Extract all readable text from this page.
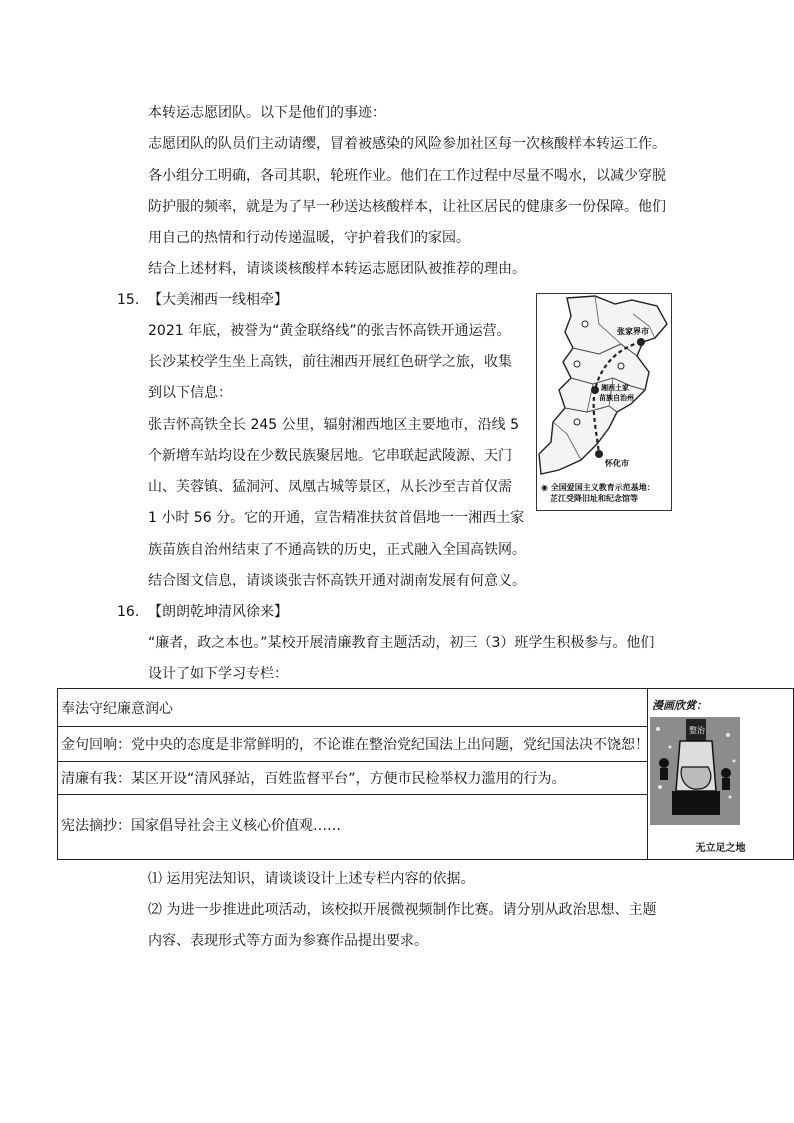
本转运志愿团队。以下是他们的事迹：
志愿团队的队员们主动请缨，冒着被感染的风险参加社区每一次核酸样本转运工作。
各小组分工明确，各司其职，轮班作业。他们在工作过程中尽量不喝水，以减少穿脱
防护服的频率，就是为了早一秒送达核酸样本，让社区居民的健康多一份保障。他们
用自己的热情和行动传递温暖，守护着我们的家园。
结合上述材料，请谈谈核酸样本转运志愿团队被推荐的理由。
15. 【大美湘西一线相牵】
2021 年底，被誉为“黄金联络线”的张吉怀高铁开通运营。
长沙某校学生坐上高铁，前往湘西开展红色研学之旅，收集
到以下信息：
张吉怀高铁全长 245 公里，辐射湘西地区主要地市，沿线 5
个新增车站均设在少数民族聚居地。它串联起武陵源、天门
山、芙蓉镇、猛洞河、凤凰古城等景区，从长沙至吉首仅需
1 小时 56 分。它的开通，宣告精准扶贫首倡地一一湘西土家
族苗族自治州结束了不通高铁的历史，正式融入全国高铁网。
结合图文信息，请谈谈张吉怀高铁开通对湖南发展有何意义。
张家界市
湘西土家
苗族自治州
怀化市
◉ 全国爱国主义教育示范基地：
芷江受降旧址和纪念馆等
16. 【朗朗乾坤清风徐来】
“廉者，政之本也。”某校开展清廉教育主题活动，初三（3）班学生积极参与。他们
设计了如下学习专栏：
奉法守纪廉意润心
金句回响：党中央的态度是非常鲜明的，不论谁在整治党纪国法上出问题，党纪国法决不饶恕！
清廉有我：某区开设“清风驿站，百姓监督平台”，方便市民检举权力滥用的行为。
宪法摘抄：国家倡导社会主义核心价值观……
漫画欣赏：
整治
无立足之地
⑴ 运用宪法知识，请谈谈设计上述专栏内容的依据。
⑵ 为进一步推进此项活动，该校拟开展微视频制作比赛。请分别从政治思想、主题
内容、表现形式等方面为参赛作品提出要求。
